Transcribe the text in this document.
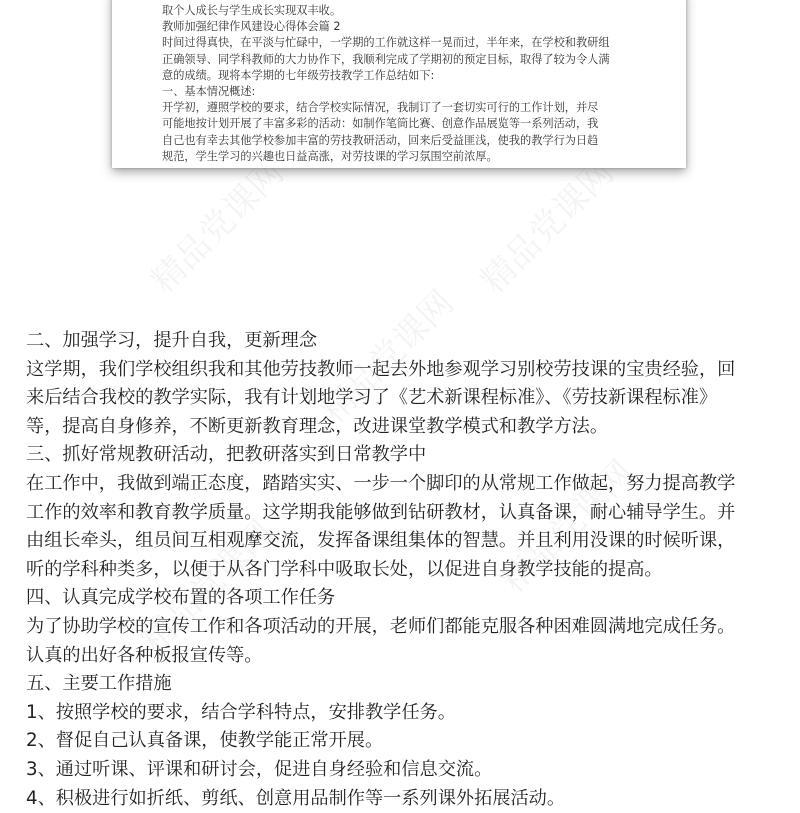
取个人成长与学生成长实现双丰收。

教师加强纪律作风建设心得体会篇 2

时间过得真快，在平淡与忙碌中，一学期的工作就这样一晃而过，半年来，在学校和教研组

正确领导、同学科教师的大力协作下，我顺利完成了学期初的预定目标，取得了较为令人满

意的成绩。现将本学期的七年级劳技教学工作总结如下:

一、基本情况概述:

开学初，遵照学校的要求，结合学校实际情况，我制订了一套切实可行的工作计划，并尽

可能地按计划开展了丰富多彩的活动：如制作笔筒比赛、创意作品展览等一系列活动，我

自己也有幸去其他学校参加丰富的劳技教研活动，回来后受益匪浅，使我的教学行为日趋

规范，学生学习的兴趣也日益高涨，对劳技课的学习氛围空前浓厚。

二、加强学习，提升自我，更新理念

这学期，我们学校组织我和其他劳技教师一起去外地参观学习别校劳技课的宝贵经验，回

来后结合我校的教学实际，我有计划地学习了《艺术新课程标准》、《劳技新课程标准》

等，提高自身修养，不断更新教育理念，改进课堂教学模式和教学方法。

三、抓好常规教研活动，把教研落实到日常教学中

在工作中，我做到端正态度，踏踏实实、一步一个脚印的从常规工作做起，努力提高教学

工作的效率和教育教学质量。这学期我能够做到钻研教材，认真备课，耐心辅导学生。并

由组长牵头，组员间互相观摩交流，发挥备课组集体的智慧。并且利用没课的时候听课，

听的学科种类多，以便于从各门学科中吸取长处，以促进自身教学技能的提高。

四、认真完成学校布置的各项工作任务

为了协助学校的宣传工作和各项活动的开展，老师们都能克服各种困难圆满地完成任务。

认真的出好各种板报宣传等。

五、主要工作措施

1、按照学校的要求，结合学科特点，安排教学任务。

2、督促自己认真备课，使教学能正常开展。

3、通过听课、评课和研讨会，促进自身经验和信息交流。

4、积极进行如折纸、剪纸、创意用品制作等一系列课外拓展活动。
